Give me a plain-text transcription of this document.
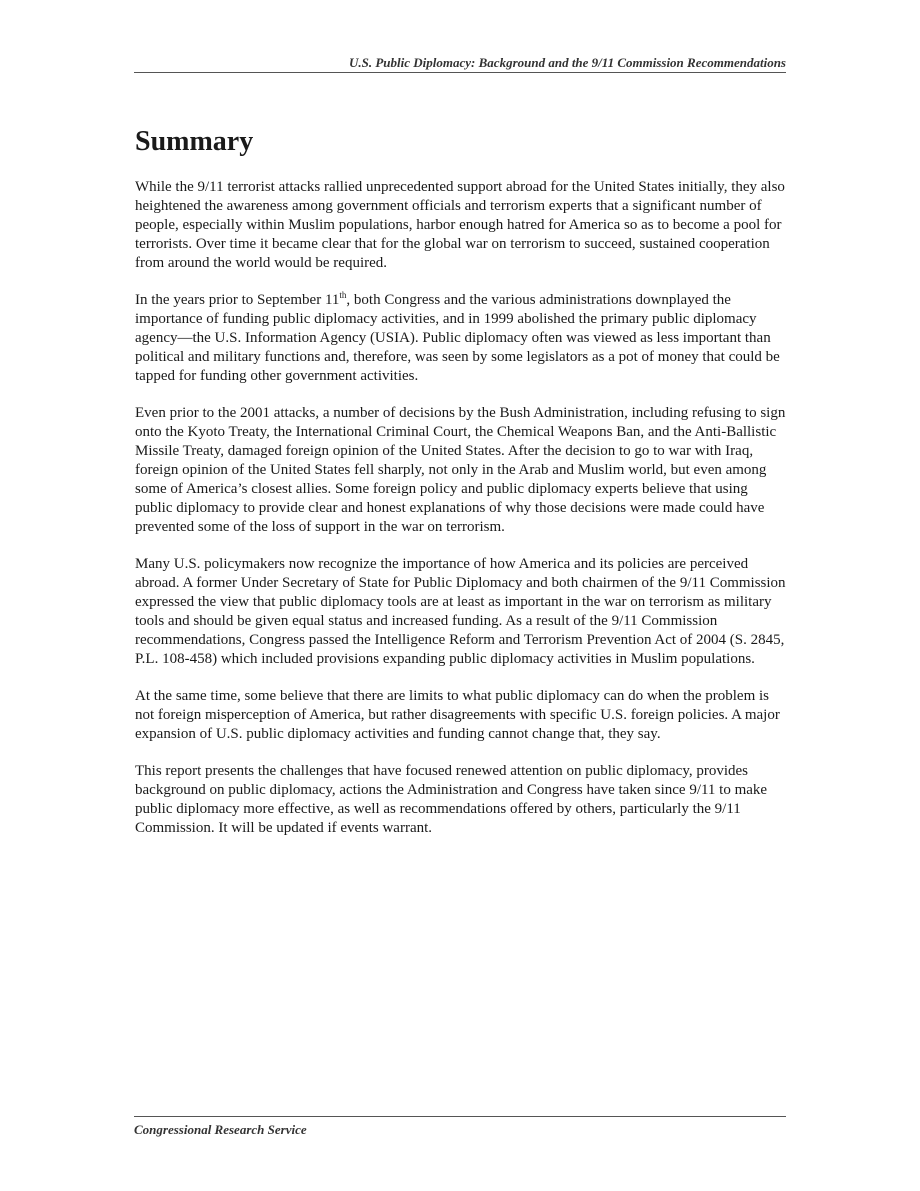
U.S. Public Diplomacy: Background and the 9/11 Commission Recommendations
Summary

While the 9/11 terrorist attacks rallied unprecedented support abroad for the United States initially, they also heightened the awareness among government officials and terrorism experts that a significant number of people, especially within Muslim populations, harbor enough hatred for America so as to become a pool for terrorists. Over time it became clear that for the global war on terrorism to succeed, sustained cooperation from around the world would be required.

In the years prior to September 11th, both Congress and the various administrations downplayed the importance of funding public diplomacy activities, and in 1999 abolished the primary public diplomacy agency—the U.S. Information Agency (USIA). Public diplomacy often was viewed as less important than political and military functions and, therefore, was seen by some legislators as a pot of money that could be tapped for funding other government activities.

Even prior to the 2001 attacks, a number of decisions by the Bush Administration, including refusing to sign onto the Kyoto Treaty, the International Criminal Court, the Chemical Weapons Ban, and the Anti-Ballistic Missile Treaty, damaged foreign opinion of the United States. After the decision to go to war with Iraq, foreign opinion of the United States fell sharply, not only in the Arab and Muslim world, but even among some of America’s closest allies. Some foreign policy and public diplomacy experts believe that using public diplomacy to provide clear and honest explanations of why those decisions were made could have prevented some of the loss of support in the war on terrorism.

Many U.S. policymakers now recognize the importance of how America and its policies are perceived abroad. A former Under Secretary of State for Public Diplomacy and both chairmen of the 9/11 Commission expressed the view that public diplomacy tools are at least as important in the war on terrorism as military tools and should be given equal status and increased funding. As a result of the 9/11 Commission recommendations, Congress passed the Intelligence Reform and Terrorism Prevention Act of 2004 (S. 2845, P.L. 108-458) which included provisions expanding public diplomacy activities in Muslim populations.

At the same time, some believe that there are limits to what public diplomacy can do when the problem is not foreign misperception of America, but rather disagreements with specific U.S. foreign policies. A major expansion of U.S. public diplomacy activities and funding cannot change that, they say.

This report presents the challenges that have focused renewed attention on public diplomacy, provides background on public diplomacy, actions the Administration and Congress have taken since 9/11 to make public diplomacy more effective, as well as recommendations offered by others, particularly the 9/11 Commission. It will be updated if events warrant.

Congressional Research Service
